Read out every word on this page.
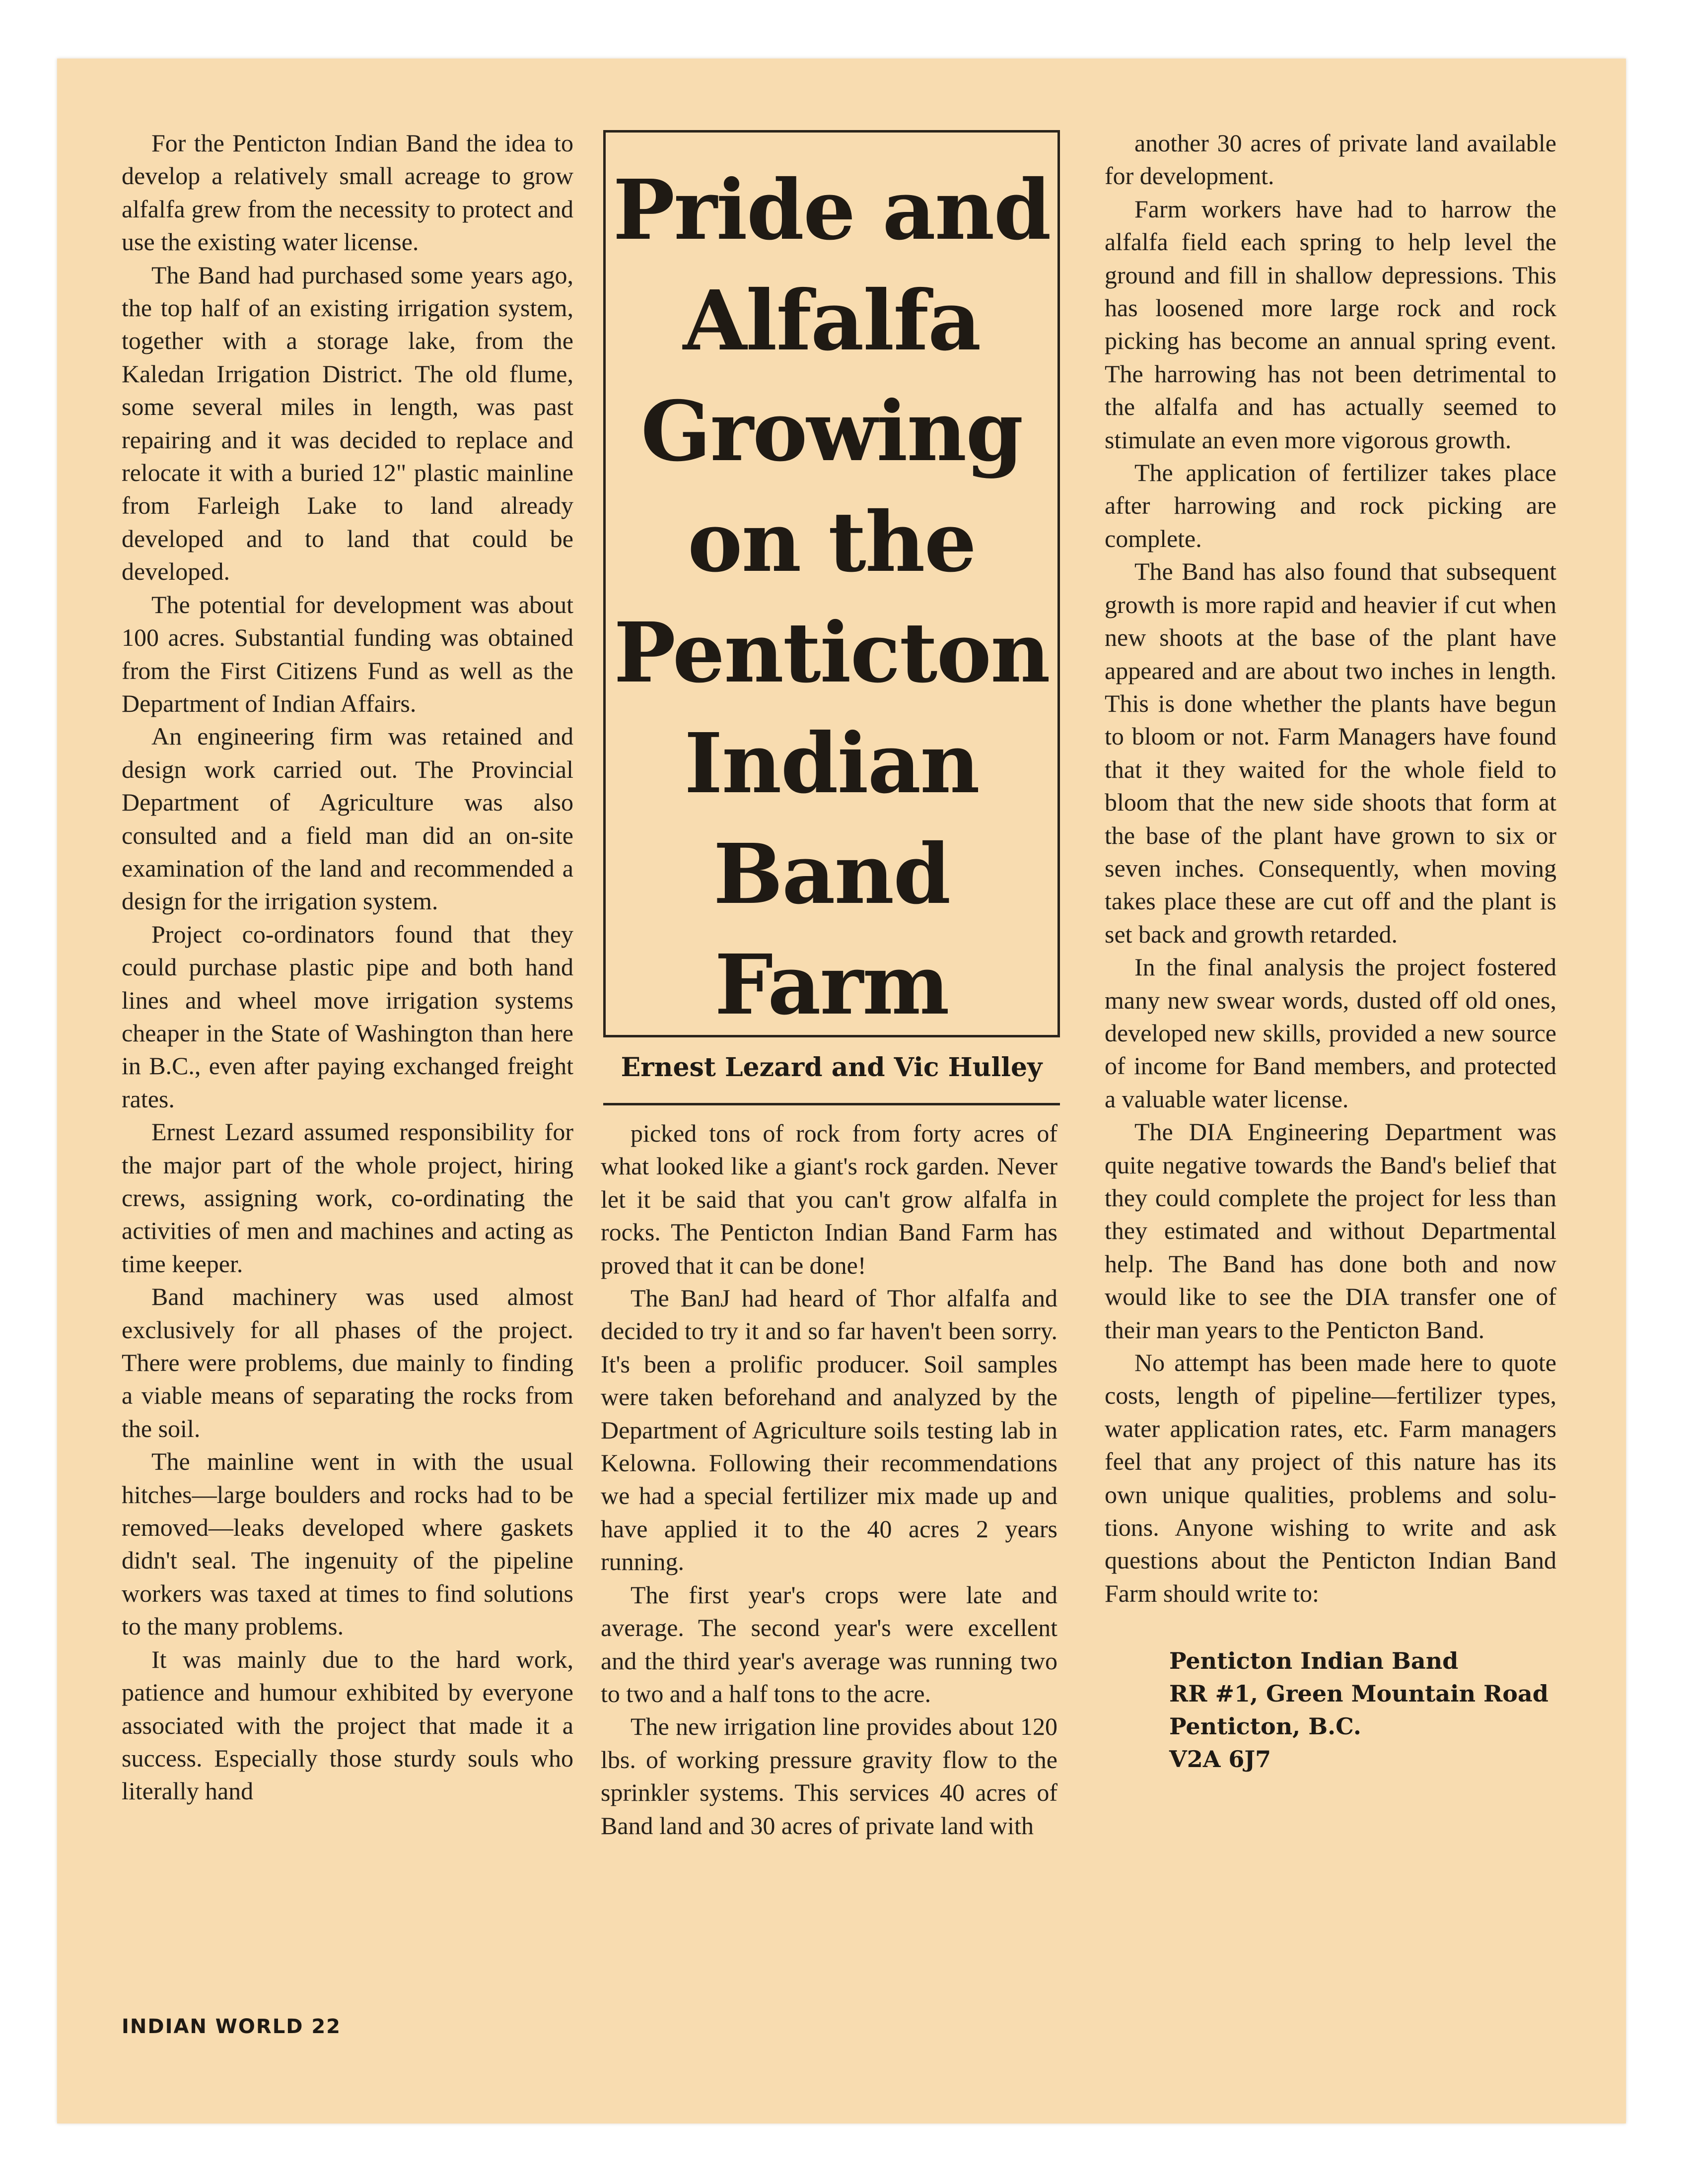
For the Penticton Indian Band the idea to develop a relatively small acreage to grow alfalfa grew from the necessity to protect and use the existing water license.

The Band had purchased some years ago, the top half of an existing irrigation system, together with a storage lake, from the Kaledan Irrigation District. The old flume, some several miles in length, was past repairing and it was decided to replace and relocate it with a buried 12" plastic mainline from Farleigh Lake to land already developed and to land that could be developed.

The potential for development was about 100 acres. Substantial funding was obtained from the First Citizens Fund as well as the Department of Indian Affairs.

An engineering firm was retained and design work carried out. The Provincial Department of Agriculture was also consulted and a field man did an on-site examination of the land and recommended a design for the irrigation system.

Project co-ordinators found that they could purchase plastic pipe and both hand lines and wheel move irrigation systems cheaper in the State of Washington than here in B.C., even after paying exchanged freight rates.

Ernest Lezard assumed responsibility for the major part of the whole project, hiring crews, assigning work, co-ordinating the activities of men and machines and acting as time keeper.

Band machinery was used almost exclusively for all phases of the project. There were problems, due mainly to finding a viable means of separating the rocks from the soil.

The mainline went in with the usual hitches—large boulders and rocks had to be removed—leaks developed where gaskets didn't seal. The ingenuity of the pipeline workers was taxed at times to find solutions to the many problems.

It was mainly due to the hard work, patience and humour exhibited by everyone associated with the project that made it a success. Especially those sturdy souls who literally hand

Pride and Alfalfa Growing on the Penticton Indian Band Farm
Ernest Lezard and Vic Hulley

picked tons of rock from forty acres of what looked like a giant's rock garden. Never let it be said that you can't grow alfalfa in rocks. The Penticton Indian Band Farm has proved that it can be done!

The BanJ had heard of Thor alfalfa and decided to try it and so far haven't been sorry. It's been a prolific producer. Soil samples were taken beforehand and analyzed by the Department of Agriculture soils testing lab in Kelowna. Following their recommendations we had a special fertilizer mix made up and have applied it to the 40 acres 2 years running.

The first year's crops were late and average. The second year's were excellent and the third year's average was running two to two and a half tons to the acre.

The new irrigation line provides about 120 lbs. of working pressure gravity flow to the sprinkler systems. This services 40 acres of Band land and 30 acres of private land with

another 30 acres of private land available for development.

Farm workers have had to harrow the alfalfa field each spring to help level the ground and fill in shallow depressions. This has loosened more large rock and rock picking has become an annual spring event. The harrowing has not been detrimental to the alfalfa and has actually seemed to stimulate an even more vigorous growth.

The application of fertilizer takes place after harrowing and rock picking are complete.

The Band has also found that subsequent growth is more rapid and heavier if cut when new shoots at the base of the plant have appeared and are about two inches in length. This is done whether the plants have begun to bloom or not. Farm Managers have found that it they waited for the whole field to bloom that the new side shoots that form at the base of the plant have grown to six or seven inches. Consequently, when moving takes place these are cut off and the plant is set back and growth retarded.

In the final analysis the project fostered many new swear words, dusted off old ones, developed new skills, provided a new source of income for Band members, and protected a valuable water license.

The DIA Engineering Department was quite negative towards the Band's belief that they could complete the project for less than they estimated and without Departmental help. The Band has done both and now would like to see the DIA transfer one of their man years to the Penticton Band.

No attempt has been made here to quote costs, length of pipeline—fertilizer types, water application rates, etc. Farm managers feel that any project of this nature has its own unique qualities, problems and solutions. Anyone wishing to write and ask questions about the Penticton Indian Band Farm should write to:

Penticton Indian Band
RR #1, Green Mountain Road
Penticton, B.C.
V2A 6J7
INDIAN WORLD 22
